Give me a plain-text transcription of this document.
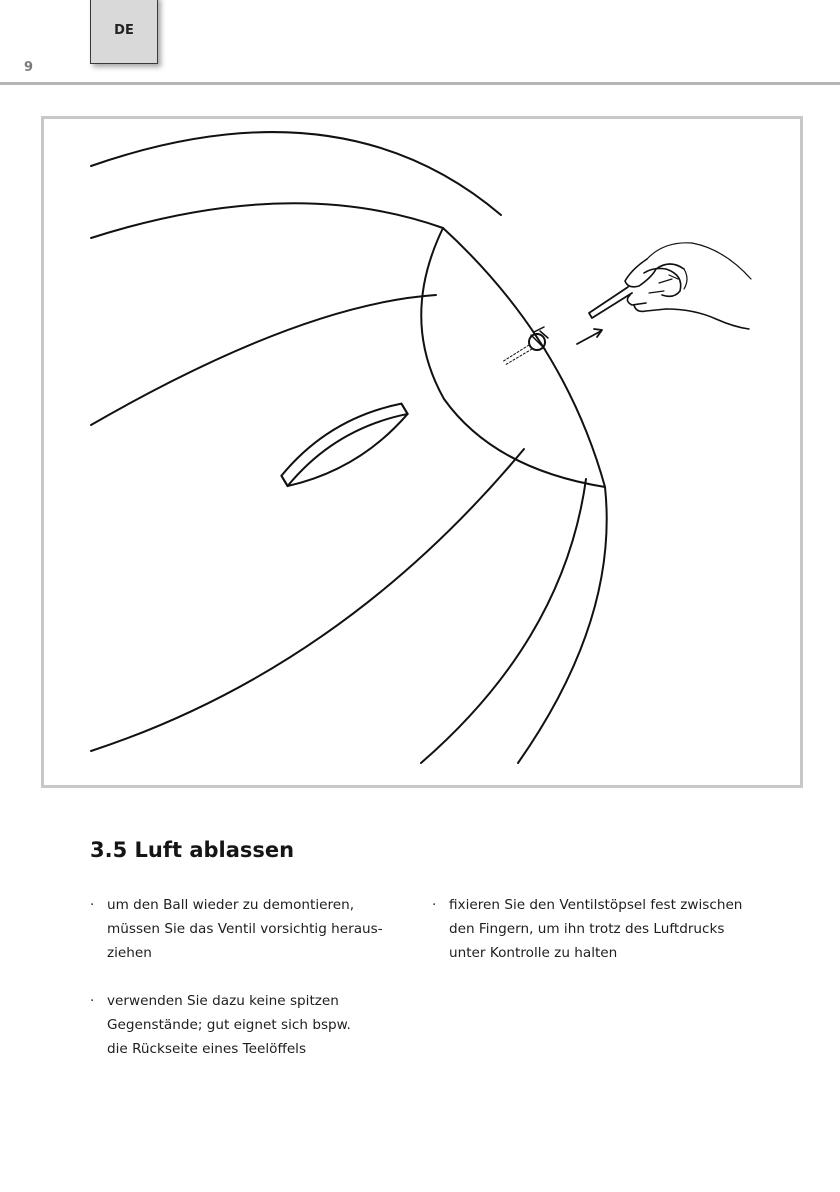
9
DE
3.5 Luft ablassen
· um den Ball wieder zu demontieren,
müssen Sie das Ventil vorsichtig heraus-
ziehen
· verwenden Sie dazu keine spitzen
Gegenstände; gut eignet sich bspw.
die Rückseite eines Teelöffels
· fixieren Sie den Ventilstöpsel fest zwischen
den Fingern, um ihn trotz des Luftdrucks
unter Kontrolle zu halten
